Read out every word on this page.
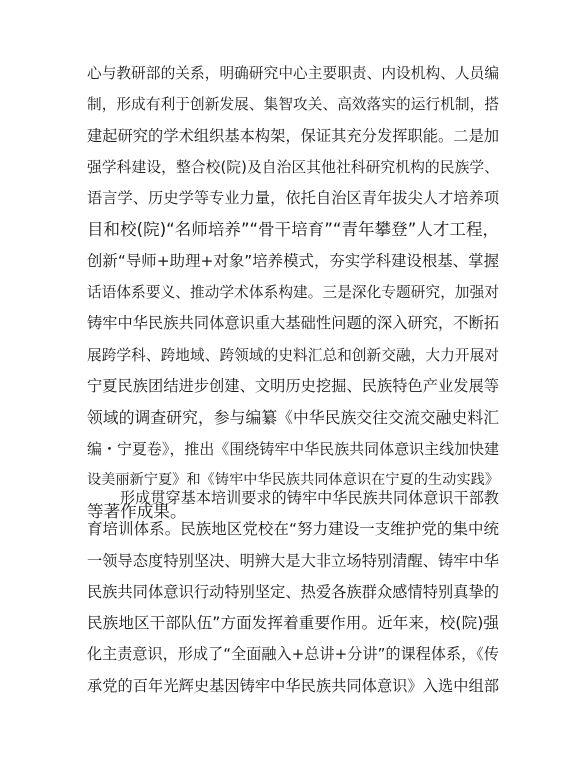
心与教研部的关系，明确研究中心主要职责、内设机构、人员编
制，形成有利于创新发展、集智攻关、高效落实的运行机制，搭
建起研究的学术组织基本构架，保证其充分发挥职能。二是加
强学科建设，整合校(院)及自治区其他社科研究机构的民族学、
语言学、历史学等专业力量，依托自治区青年拔尖人才培养项
目和校(院)“名师培养”“骨干培育”“青年攀登”人才工程，
创新“导师+助理+对象”培养模式，夯实学科建设根基、掌握
话语体系要义、推动学术体系构建。三是深化专题研究，加强对
铸牢中华民族共同体意识重大基础性问题的深入研究，不断拓
展跨学科、跨地域、跨领域的史料汇总和创新交融，大力开展对
宁夏民族团结进步创建、文明历史挖掘、民族特色产业发展等
领域的调查研究，参与编纂《中华民族交往交流交融史料汇
编・宁夏卷》，推出《围绕铸牢中华民族共同体意识主线加快建
设美丽新宁夏》和《铸牢中华民族共同体意识在宁夏的生动实践》
等著作成果。
形成贯穿基本培训要求的铸牢中华民族共同体意识干部教
育培训体系。民族地区党校在“努力建设一支维护党的集中统
一领导态度特别坚决、明辨大是大非立场特别清醒、铸牢中华
民族共同体意识行动特别坚定、热爱各族群众感情特别真挚的
民族地区干部队伍”方面发挥着重要作用。近年来，校(院)强
化主责意识，形成了“全面融入+总讲+分讲”的课程体系，《传
承党的百年光辉史基因铸牢中华民族共同体意识》入选中组部
